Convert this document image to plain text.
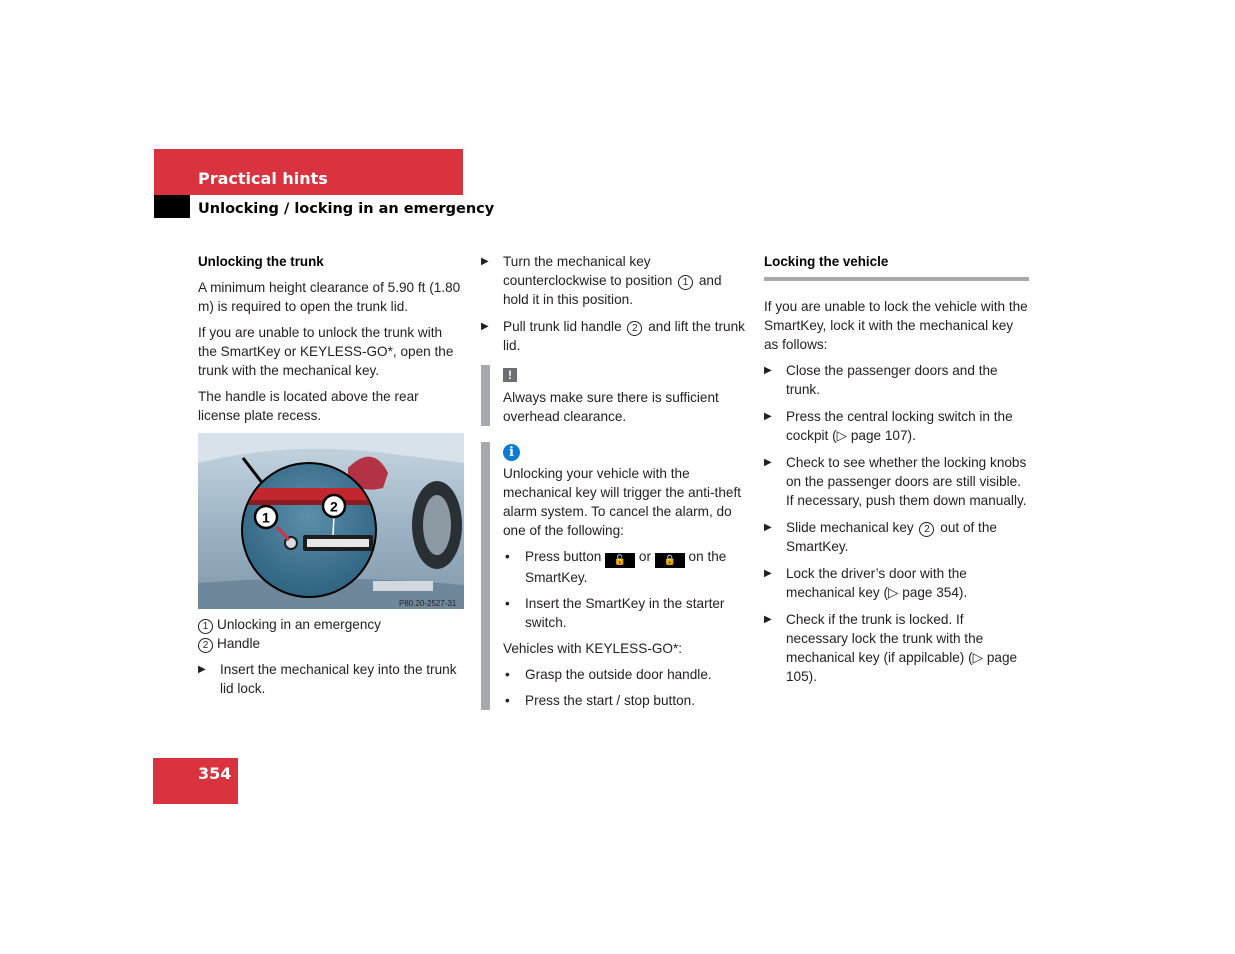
Practical hints
Unlocking / locking in an emergency
Unlocking the trunk

A minimum height clearance of 5.90 ft (1.80 m) is required to open the trunk lid.

If you are unable to unlock the trunk with the SmartKey or KEYLESS-GO*, open the trunk with the mechanical key.

The handle is located above the rear license plate recess.

P80.20-2527-31
1
2
1 Unlocking in an emergency
2 Handle
▶ Insert the mechanical key into the trunk lid lock.
▶ Turn the mechanical key counterclockwise to position 1 and hold it in this position.
▶ Pull trunk lid handle 2 and lift the trunk lid.
!
Always make sure there is sufficient overhead clearance.
i

Unlocking your vehicle with the mechanical key will trigger the anti-theft alarm system. To cancel the alarm, do one of the following:

• Press button 🔓 or 🔒 on the SmartKey.
• Insert the SmartKey in the starter switch.

Vehicles with KEYLESS-GO*:

• Grasp the outside door handle.
• Press the start / stop button.
Locking the vehicle

If you are unable to lock the vehicle with the SmartKey, lock it with the mechanical key as follows:

▶ Close the passenger doors and the trunk.
▶ Press the central locking switch in the cockpit (▷ page 107).
▶ Check to see whether the locking knobs on the passenger doors are still visible. If necessary, push them down manually.
▶ Slide mechanical key 2 out of the SmartKey.
▶ Lock the driver’s door with the mechanical key (▷ page 354).
▶ Check if the trunk is locked. If necessary lock the trunk with the mechanical key (if appilcable) (▷ page 105).
354
